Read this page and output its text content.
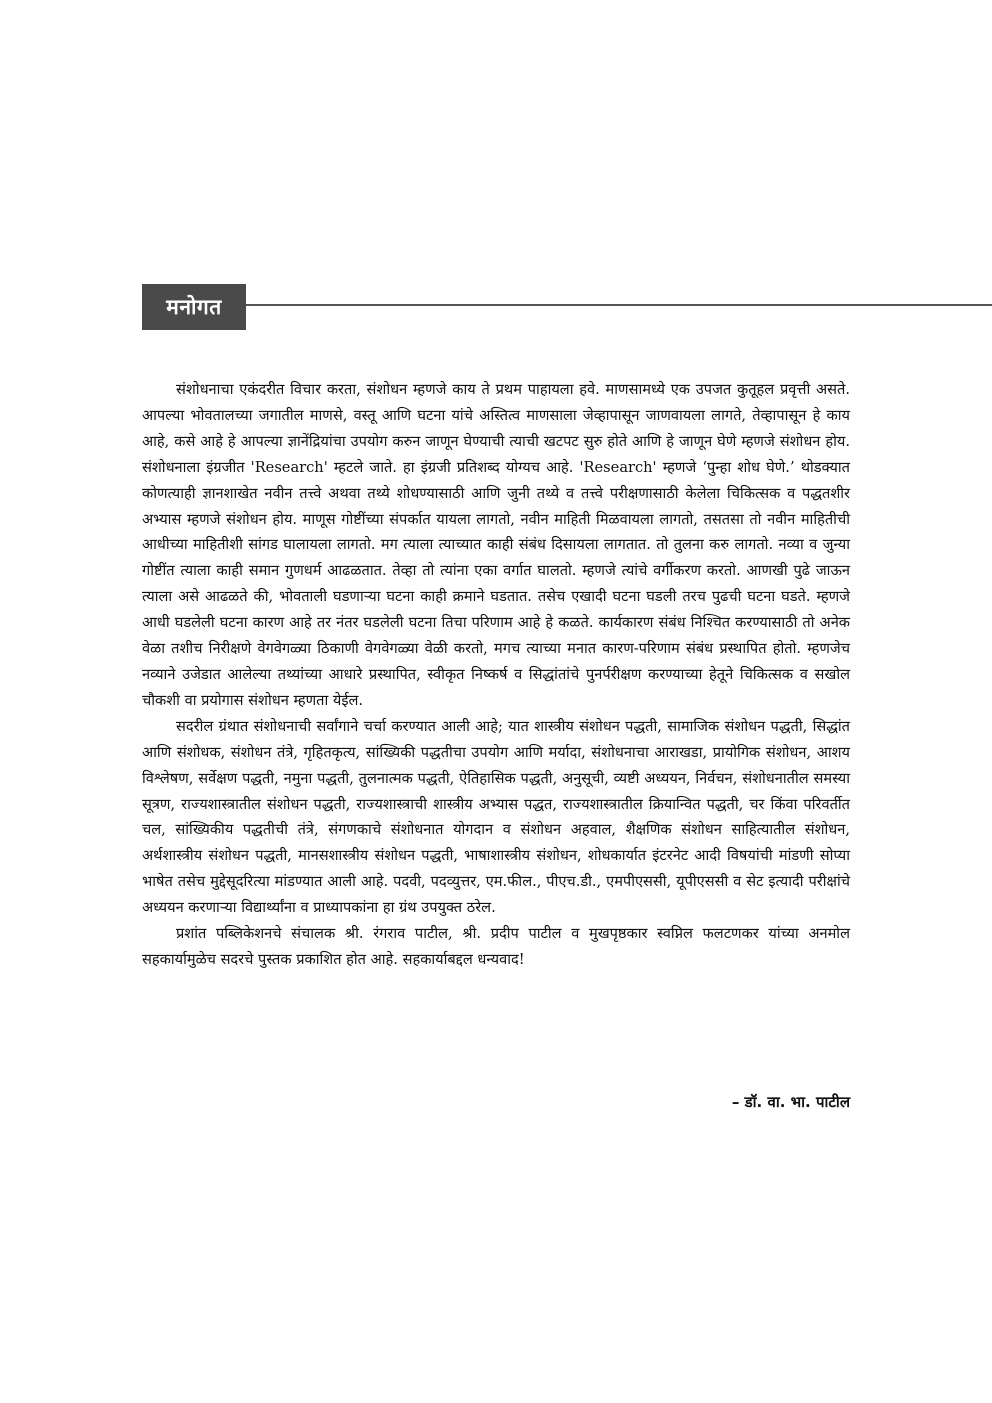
मनोगत

संशोधनाचा एकंदरीत विचार करता, संशोधन म्हणजे काय ते प्रथम पाहायला हवे. माणसामध्ये एक उपजत कुतूहल प्रवृत्ती असते. आपल्या भोवतालच्या जगातील माणसे, वस्तू आणि घटना यांचे अस्तित्व माणसाला जेव्हापासून जाणवायला लागते, तेव्हापासून हे काय आहे, कसे आहे हे आपल्या ज्ञानेंद्रियांचा उपयोग करुन जाणून घेण्याची त्याची खटपट सुरु होते आणि हे जाणून घेणे म्हणजे संशोधन होय. संशोधनाला इंग्रजीत 'Research' म्हटले जाते. हा इंग्रजी प्रतिशब्द योग्यच आहे. 'Research' म्हणजे ‘पुन्हा शोध घेणे.’ थोडक्यात कोणत्याही ज्ञानशाखेत नवीन तत्त्वे अथवा तथ्ये शोधण्यासाठी आणि जुनी तथ्ये व तत्त्वे परीक्षणासाठी केलेला चिकित्सक व पद्धतशीर अभ्यास म्हणजे संशोधन होय. माणूस गोष्टींच्या संपर्कात यायला लागतो, नवीन माहिती मिळवायला लागतो, तसतसा तो नवीन माहितीची आधीच्या माहितीशी सांगड घालायला लागतो. मग त्याला त्याच्यात काही संबंध दिसायला लागतात. तो तुलना करु लागतो. नव्या व जुन्या गोष्टींत त्याला काही समान गुणधर्म आढळतात. तेव्हा तो त्यांना एका वर्गात घालतो. म्हणजे त्यांचे वर्गीकरण करतो. आणखी पुढे जाऊन त्याला असे आढळते की, भोवताली घडणाऱ्या घटना काही क्रमाने घडतात. तसेच एखादी घटना घडली तरच पुढची घटना घडते. म्हणजे आधी घडलेली घटना कारण आहे तर नंतर घडलेली घटना तिचा परिणाम आहे हे कळते. कार्यकारण संबंध निश्चित करण्यासाठी तो अनेक वेळा तशीच निरीक्षणे वेगवेगळ्या ठिकाणी वेगवेगळ्या वेळी करतो, मगच त्याच्या मनात कारण-परिणाम संबंध प्रस्थापित होतो. म्हणजेच नव्याने उजेडात आलेल्या तथ्यांच्या आधारे प्रस्थापित, स्वीकृत निष्कर्ष व सिद्धांतांचे पुनर्परीक्षण करण्याच्या हेतूने चिकित्सक व सखोल चौकशी वा प्रयोगास संशोधन म्हणता येईल.

सदरील ग्रंथात संशोधनाची सर्वांगाने चर्चा करण्यात आली आहे; यात शास्त्रीय संशोधन पद्धती, सामाजिक संशोधन पद्धती, सिद्धांत आणि संशोधक, संशोधन तंत्रे, गृहितकृत्य, सांख्यिकी पद्धतीचा उपयोग आणि मर्यादा, संशोधनाचा आराखडा, प्रायोगिक संशोधन, आशय विश्लेषण, सर्वेक्षण पद्धती, नमुना पद्धती, तुलनात्मक पद्धती, ऐतिहासिक पद्धती, अनुसूची, व्यष्टी अध्ययन, निर्वचन, संशोधनातील समस्या सूत्रण, राज्यशास्त्रातील संशोधन पद्धती, राज्यशास्त्राची शास्त्रीय अभ्यास पद्धत, राज्यशास्त्रातील क्रियान्वित पद्धती, चर किंवा परिवर्तीत चल, सांख्यिकीय पद्धतीची तंत्रे, संगणकाचे संशोधनात योगदान व संशोधन अहवाल, शैक्षणिक संशोधन साहित्यातील संशोधन, अर्थशास्त्रीय संशोधन पद्धती, मानसशास्त्रीय संशोधन पद्धती, भाषाशास्त्रीय संशोधन, शोधकार्यात इंटरनेट आदी विषयांची मांडणी सोप्या भाषेत तसेच मुद्देसूदरित्या मांडण्यात आली आहे. पदवी, पदव्युत्तर, एम.फील., पीएच.डी., एमपीएससी, यूपीएससी व सेट इत्यादी परीक्षांचे अध्ययन करणाऱ्या विद्यार्थ्यांना व प्राध्यापकांना हा ग्रंथ उपयुक्त ठरेल.

प्रशांत पब्लिकेशनचे संचालक श्री. रंगराव पाटील, श्री. प्रदीप पाटील व मुखपृष्ठकार स्वप्निल फलटणकर यांच्या अनमोल सहकार्यामुळेच सदरचे पुस्तक प्रकाशित होत आहे. सहकार्याबद्दल धन्यवाद!

– डॉ. वा. भा. पाटील
